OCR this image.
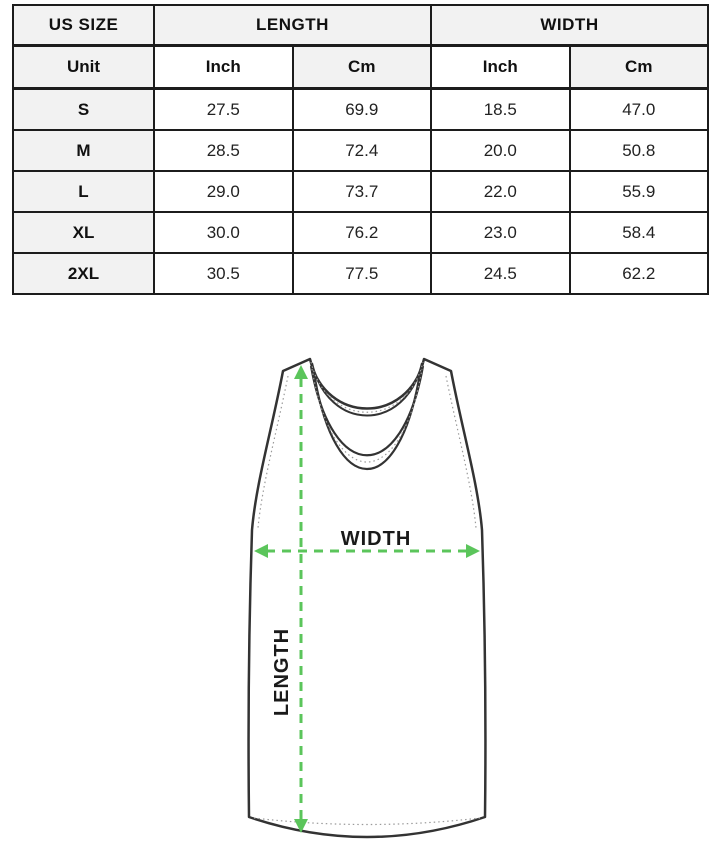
US SIZE	LENGTH		WIDTH	
Unit	Inch	Cm	Inch	Cm
S	27.5	69.9	18.5	47.0
M	28.5	72.4	20.0	50.8
L	29.0	73.7	22.0	55.9
XL	30.0	76.2	23.0	58.4
2XL	30.5	77.5	24.5	62.2
WIDTH
LENGTH
